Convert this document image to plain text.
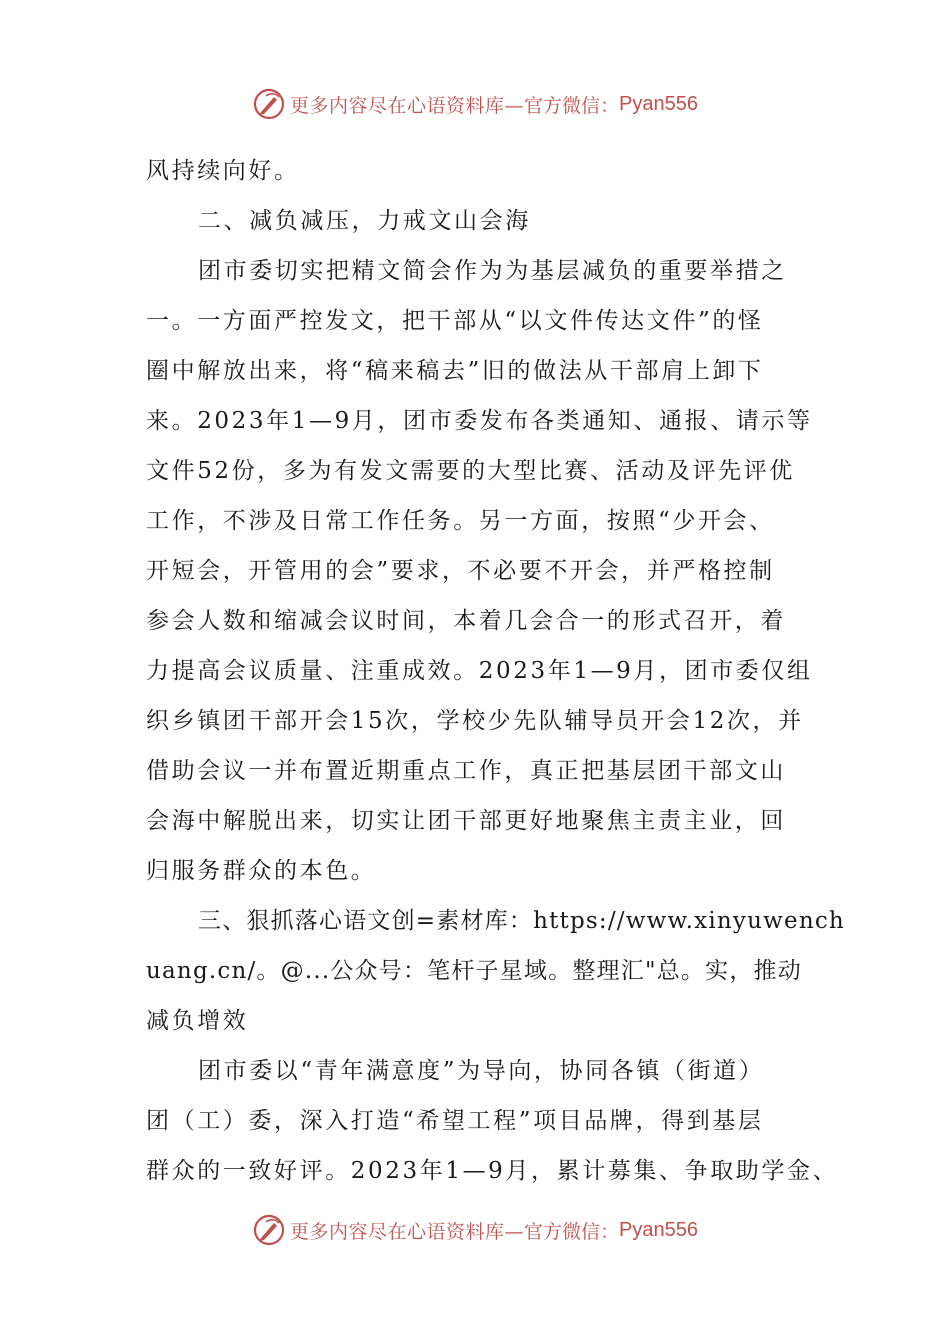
更多内容尽在心语资料库— 官方微信： Pyan556
风持续向好。
二、减负减压，力戒文山会海
团市委切实把精文简会作为为基层减负的重要举措之
一。一方面严控发文，把干部从“以文件传达文件”的怪
圈中解放出来，将“稿来稿去”旧的做法从干部肩上卸下
来。2023年1—9月，团市委发布各类通知、通报、请示等
文件52份，多为有发文需要的大型比赛、活动及评先评优
工作，不涉及日常工作任务。另一方面，按照“少开会、
开短会，开管用的会”要求，不必要不开会，并严格控制
参会人数和缩减会议时间，本着几会合一的形式召开，着
力提高会议质量、注重成效。2023年1—9月，团市委仅组
织乡镇团干部开会15次，学校少先队辅导员开会12次，并
借助会议一并布置近期重点工作，真正把基层团干部文山
会海中解脱出来，切实让团干部更好地聚焦主责主业，回
归服务群众的本色。
三、狠抓落心语文创=素材库：https://www.xinyuwench
uang.cn/。@...公众号：笔杆子星域。整理汇"总。实，推动
减负增效
团市委以“青年满意度”为导向，协同各镇（街道）
团（工）委，深入打造“希望工程”项目品牌，得到基层
群众的一致好评。2023年1—9月，累计募集、争取助学金、
更多内容尽在心语资料库— 官方微信： Pyan556
